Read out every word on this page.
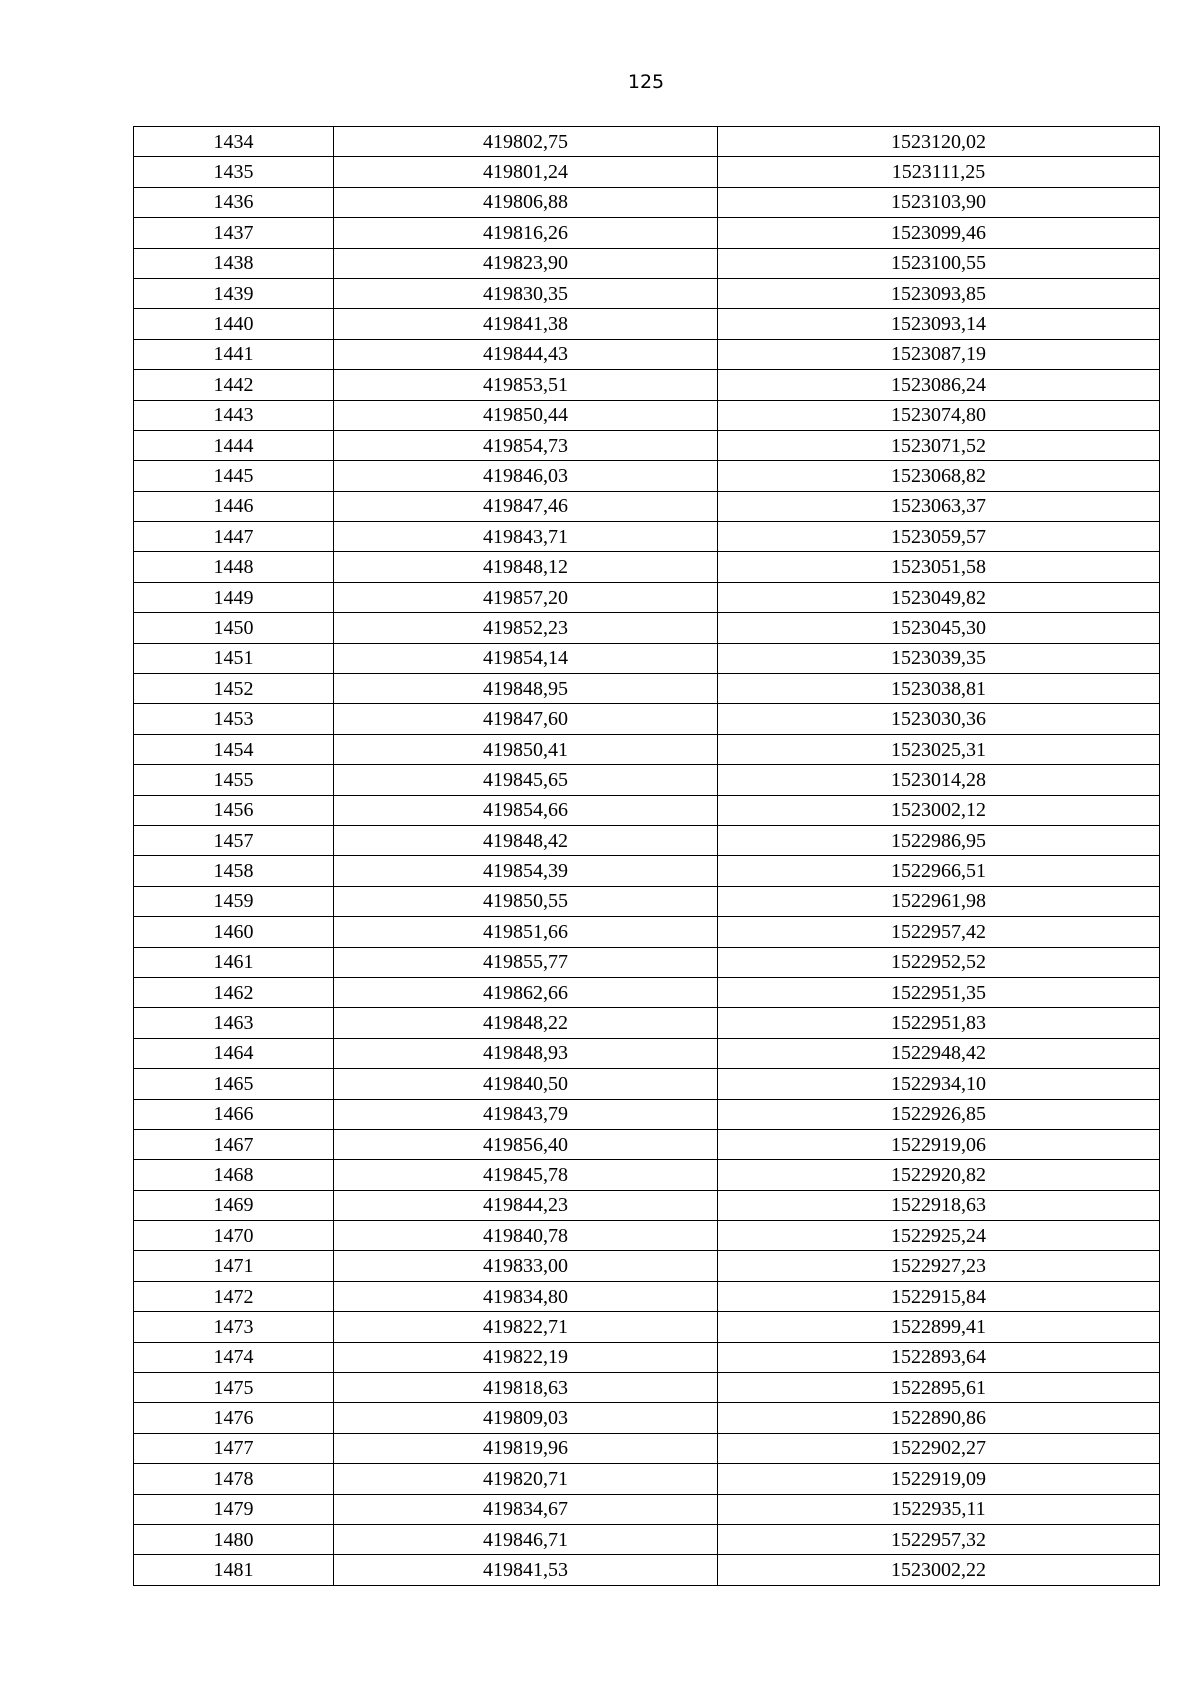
125
1434	419802,75	1523120,02
1435	419801,24	1523111,25
1436	419806,88	1523103,90
1437	419816,26	1523099,46
1438	419823,90	1523100,55
1439	419830,35	1523093,85
1440	419841,38	1523093,14
1441	419844,43	1523087,19
1442	419853,51	1523086,24
1443	419850,44	1523074,80
1444	419854,73	1523071,52
1445	419846,03	1523068,82
1446	419847,46	1523063,37
1447	419843,71	1523059,57
1448	419848,12	1523051,58
1449	419857,20	1523049,82
1450	419852,23	1523045,30
1451	419854,14	1523039,35
1452	419848,95	1523038,81
1453	419847,60	1523030,36
1454	419850,41	1523025,31
1455	419845,65	1523014,28
1456	419854,66	1523002,12
1457	419848,42	1522986,95
1458	419854,39	1522966,51
1459	419850,55	1522961,98
1460	419851,66	1522957,42
1461	419855,77	1522952,52
1462	419862,66	1522951,35
1463	419848,22	1522951,83
1464	419848,93	1522948,42
1465	419840,50	1522934,10
1466	419843,79	1522926,85
1467	419856,40	1522919,06
1468	419845,78	1522920,82
1469	419844,23	1522918,63
1470	419840,78	1522925,24
1471	419833,00	1522927,23
1472	419834,80	1522915,84
1473	419822,71	1522899,41
1474	419822,19	1522893,64
1475	419818,63	1522895,61
1476	419809,03	1522890,86
1477	419819,96	1522902,27
1478	419820,71	1522919,09
1479	419834,67	1522935,11
1480	419846,71	1522957,32
1481	419841,53	1523002,22
